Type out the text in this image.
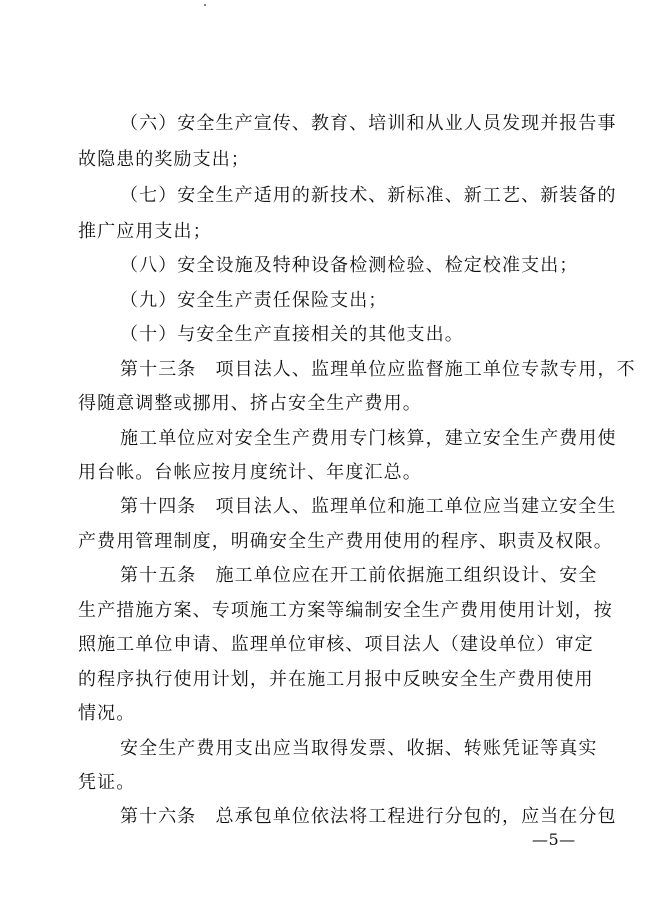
（六）安全生产宣传、教育、培训和从业人员发现并报告事
故隐患的奖励支出；
（七）安全生产适用的新技术、新标准、新工艺、新装备的
推广应用支出；
（八）安全设施及特种设备检测检验、检定校准支出；
（九）安全生产责任保险支出；
（十）与安全生产直接相关的其他支出。
第十三条　项目法人、监理单位应监督施工单位专款专用，不
得随意调整或挪用、挤占安全生产费用。
施工单位应对安全生产费用专门核算，建立安全生产费用使
用台帐。台帐应按月度统计、年度汇总。
第十四条　项目法人、监理单位和施工单位应当建立安全生
产费用管理制度，明确安全生产费用使用的程序、职责及权限。
第十五条　施工单位应在开工前依据施工组织设计、安全
生产措施方案、专项施工方案等编制安全生产费用使用计划，按
照施工单位申请、监理单位审核、项目法人（建设单位）审定
的程序执行使用计划，并在施工月报中反映安全生产费用使用
情况。
安全生产费用支出应当取得发票、收据、转账凭证等真实
凭证。
第十六条　总承包单位依法将工程进行分包的，应当在分包
—5—
